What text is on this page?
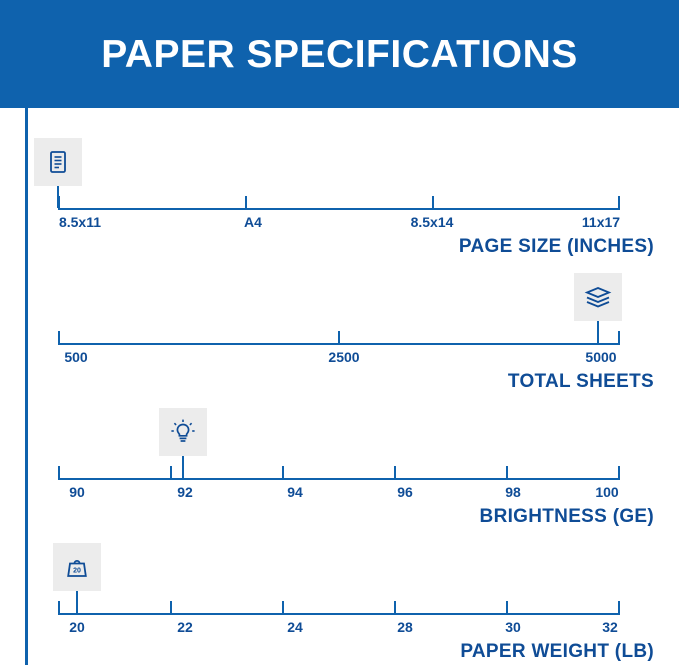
PAPER SPECIFICATIONS
8.5x11	A4	8.5x14	11x17
PAGE SIZE (INCHES)
500	2500	5000
TOTAL SHEETS
90	92	94	96	98	100
BRIGHTNESS (GE)
20
20	22	24	28	30	32
PAPER WEIGHT (LB)
